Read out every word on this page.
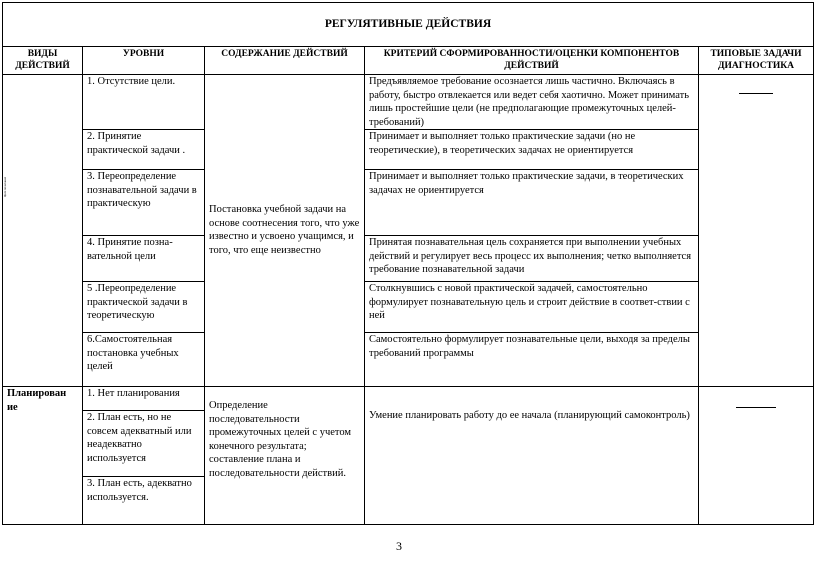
РЕГУЛЯТИВНЫЕ ДЕЙСТВИЯ				
ВИДЫ ДЕЙСТВИЙ	УРОВНИ	СОДЕРЖАНИЕ ДЕЙСТВИЙ	КРИТЕРИЙ СФОРМИРОВАННОСТИ/ОЦЕНКИ КОМПОНЕНТОВ ДЕЙСТВИЙ	ТИПОВЫЕ ЗАДАЧИ ДИАГНОСТИКА

Целе полагание	1. Отсутствие цели.	Постановка учебной задачи на основе соотнесения того, что уже известно и усвоено учащимся, и того, что еще неизвестно	Предъявляемое требование осознается лишь частично. Включаясь в работу, быстро отвлекается или ведет себя хаотично. Может принимать лишь простейшие цели (не предполагающие промежуточных целей-требований)	

	2. Принятие практической задачи .		Принимает и выполняет только практические задачи (но не теоретические), в теоретических задачах не ориентируется	
	3. Переопределение познавательной задачи в практическую		Принимает и выполняет только практические задачи, в теоретических задачах не ориентируется	
	4. Принятие позна-вательной цели		Принятая познавательная цель сохраняется при выполнении учебных действий и регулирует весь процесс их выполнения; четко выполняется требование познавательной задачи	
	5 .Переопределение практической задачи в теоретическую		Столкнувшись с новой практической задачей, самостоятельно формулирует познавательную цель и строит действие в соответ-ствии с ней	
	6.Самостоятельная постановка учебных целей		Самостоятельно формулирует познавательные цели, выходя за пределы требований программы	
Планирован ие	1. Нет планирования	Определение последовательности промежуточных целей с учетом конечного результата; составление плана и последовательности действий.	Умение планировать работу до ее начала (планирующий самоконтроль)	

	2. План есть, но не совсем адекватный или неадекватно используется			
	3. План есть, адекватно используется.			
3
